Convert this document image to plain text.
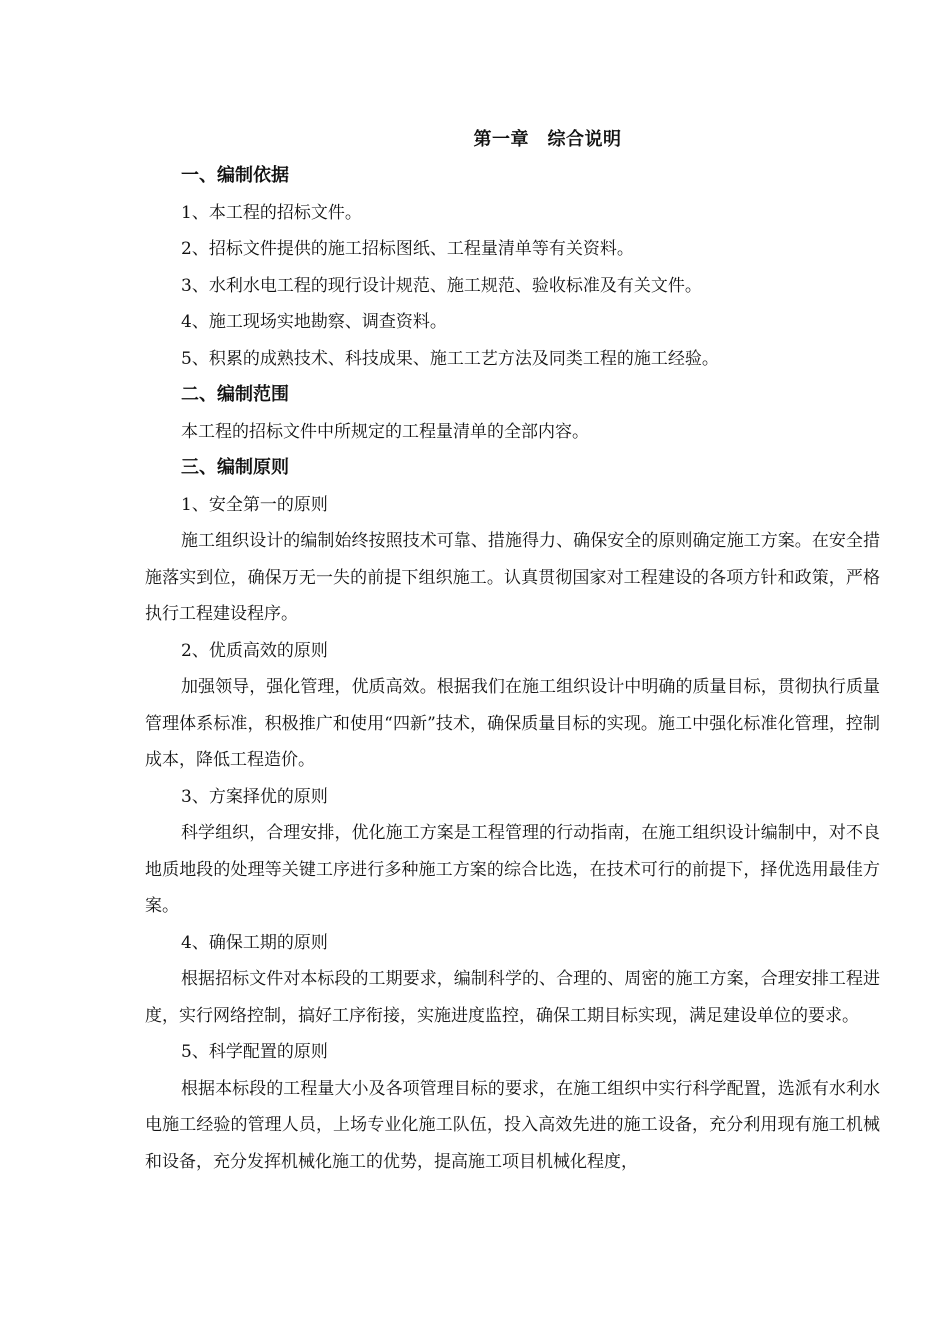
第一章　综合说明
一、编制依据
1、本工程的招标文件。
2、招标文件提供的施工招标图纸、工程量清单等有关资料。
3、水利水电工程的现行设计规范、施工规范、验收标准及有关文件。
4、施工现场实地勘察、调查资料。
5、积累的成熟技术、科技成果、施工工艺方法及同类工程的施工经验。
二、编制范围
本工程的招标文件中所规定的工程量清单的全部内容。
三、编制原则
1、安全第一的原则
施工组织设计的编制始终按照技术可靠、措施得力、确保安全的原则确定施工方案。在安全措施落实到位，确保万无一失的前提下组织施工。认真贯彻国家对工程建设的各项方针和政策，严格执行工程建设程序。
2、优质高效的原则
加强领导，强化管理，优质高效。根据我们在施工组织设计中明确的质量目标，贯彻执行质量管理体系标准，积极推广和使用“四新”技术，确保质量目标的实现。施工中强化标准化管理，控制成本，降低工程造价。
3、方案择优的原则
科学组织，合理安排，优化施工方案是工程管理的行动指南，在施工组织设计编制中，对不良地质地段的处理等关键工序进行多种施工方案的综合比选，在技术可行的前提下，择优选用最佳方案。
4、确保工期的原则
根据招标文件对本标段的工期要求，编制科学的、合理的、周密的施工方案，合理安排工程进度，实行网络控制，搞好工序衔接，实施进度监控，确保工期目标实现，满足建设单位的要求。
5、科学配置的原则
根据本标段的工程量大小及各项管理目标的要求，在施工组织中实行科学配置，选派有水利水电施工经验的管理人员，上场专业化施工队伍，投入高效先进的施工设备，充分利用现有施工机械和设备，充分发挥机械化施工的优势，提高施工项目机械化程度，
